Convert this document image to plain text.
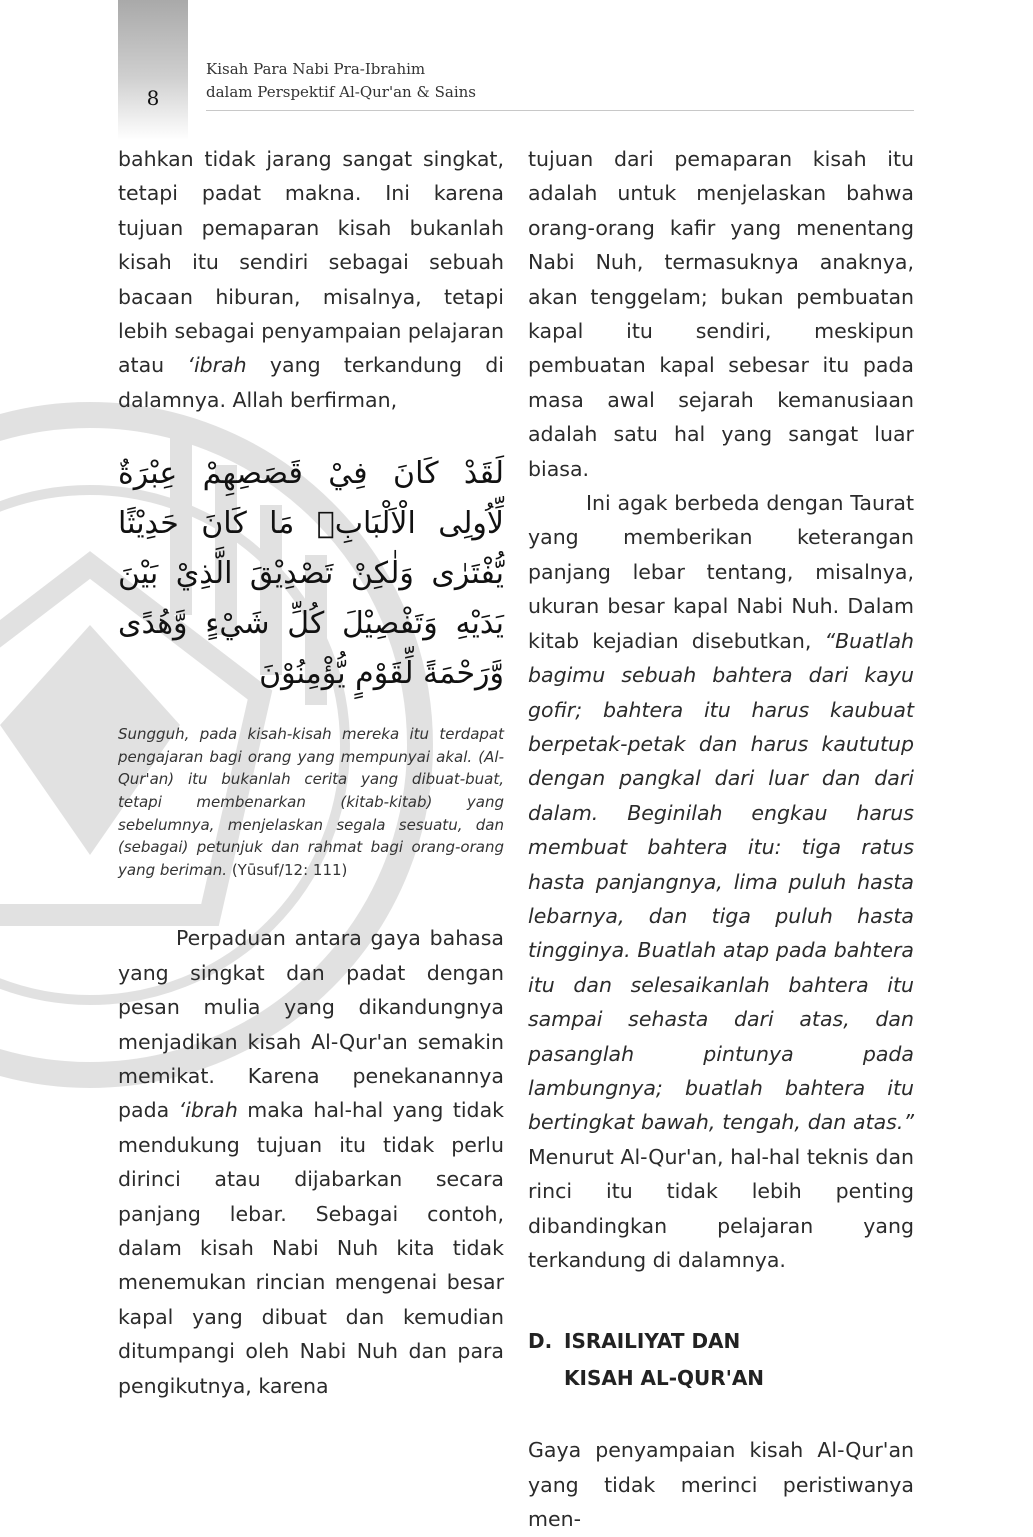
8
Kisah Para Nabi Pra-Ibrahim
dalam Perspektif Al-Qur'an & Sains

bahkan tidak jarang sangat singkat, tetapi padat makna. Ini karena tujuan pemaparan kisah bukanlah kisah itu sendiri sebagai sebuah bacaan hiburan, misalnya, tetapi lebih sebagai penyampaian pelajaran atau ‘ibrah yang terkandung di dalamnya. Allah berfirman,

لَقَدْ كَانَ فِيْ قَصَصِهِمْ عِبْرَةٌ لِّاُولِى الْاَلْبَابِۗ مَا كَانَ حَدِيْثًا يُّفْتَرٰى وَلٰكِنْ تَصْدِيْقَ الَّذِيْ بَيْنَ يَدَيْهِ وَتَفْصِيْلَ كُلِّ شَيْءٍ وَّهُدًى وَّرَحْمَةً لِّقَوْمٍ يُّؤْمِنُوْنَ

Sungguh, pada kisah-kisah mereka itu terdapat pengajaran bagi orang yang mempunyai akal. (Al-Qur'an) itu bukanlah cerita yang dibuat-buat, tetapi membenarkan (kitab-kitab) yang sebelumnya, menjelaskan segala sesuatu, dan (sebagai) petunjuk dan rahmat bagi orang-orang yang beriman. (Yūsuf/12: 111)

Perpaduan antara gaya bahasa yang singkat dan padat dengan pesan mulia yang dikandungnya menjadikan kisah Al-Qur'an semakin memikat. Karena penekanannya pada ‘ibrah maka hal-hal yang tidak mendukung tujuan itu tidak perlu dirinci atau dijabarkan secara panjang lebar. Sebagai contoh, dalam kisah Nabi Nuh kita tidak menemukan rincian mengenai besar kapal yang dibuat dan kemudian ditumpangi oleh Nabi Nuh dan para pengikutnya, karena

tujuan dari pemaparan kisah itu adalah untuk menjelaskan bahwa orang-orang kafir yang menentang Nabi Nuh, termasuknya anaknya, akan tenggelam; bukan pembuatan kapal itu sendiri, meskipun pembuatan kapal sebesar itu pada masa awal sejarah kemanusiaan adalah satu hal yang sangat luar biasa.

Ini agak berbeda dengan Taurat yang memberikan keterangan panjang lebar tentang, misalnya, ukuran besar kapal Nabi Nuh. Dalam kitab kejadian disebutkan, “Buatlah bagimu sebuah bahtera dari kayu gofir; bahtera itu harus kaubuat berpetak-petak dan harus kaututup dengan pangkal dari luar dan dari dalam. Beginilah engkau harus membuat bahtera itu: tiga ratus hasta panjangnya, lima puluh hasta lebarnya, dan tiga puluh hasta tingginya. Buatlah atap pada bahtera itu dan selesaikanlah bahtera itu sampai sehasta dari atas, dan pasanglah pintunya pada lambungnya; buatlah bahtera itu bertingkat bawah, tengah, dan atas.” Menurut Al-Qur'an, hal-hal teknis dan rinci itu tidak lebih penting dibandingkan pelajaran yang terkandung di dalamnya.

D. ISRAILIYAT DAN
KISAH AL-QUR'AN

Gaya penyampaian kisah Al-Qur'an yang tidak merinci peristiwanya men-
